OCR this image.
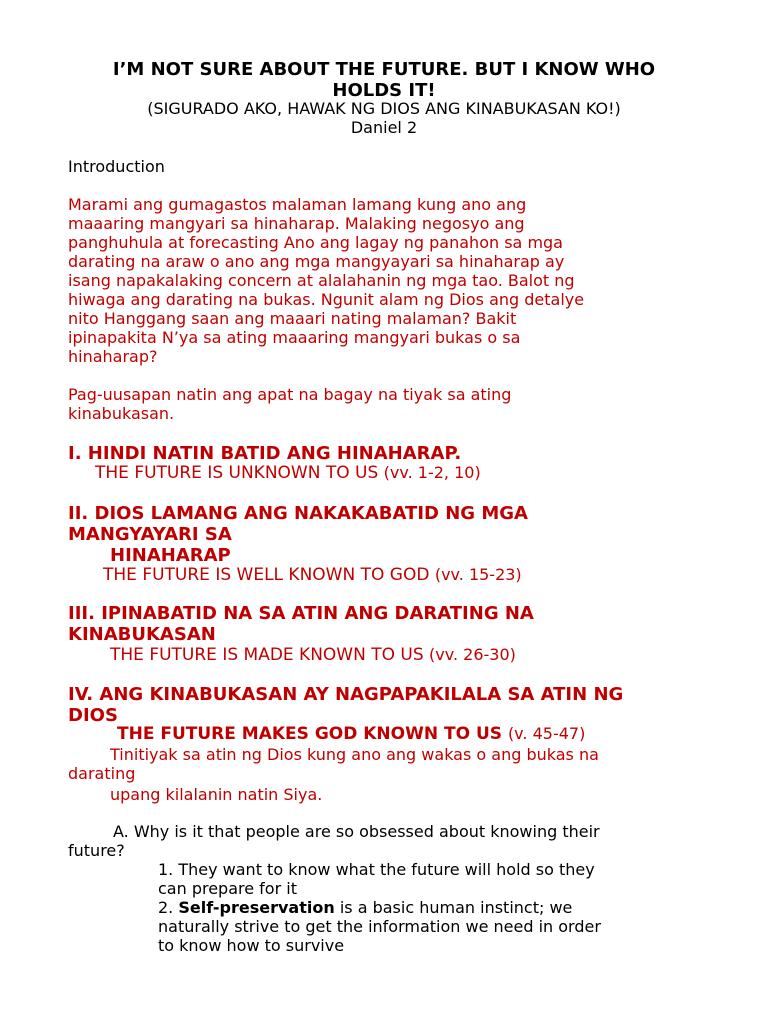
I’M NOT SURE ABOUT THE FUTURE. BUT I KNOW WHO
HOLDS IT!
(SIGURADO AKO, HAWAK NG DIOS ANG KINABUKASAN KO!)
Daniel 2
Introduction
Marami ang gumagastos malaman lamang kung ano ang
maaaring mangyari sa hinaharap. Malaking negosyo ang
panghuhula at forecasting Ano ang lagay ng panahon sa mga
darating na araw o ano ang mga mangyayari sa hinaharap ay
isang napakalaking concern at alalahanin ng mga tao. Balot ng
hiwaga ang darating na bukas. Ngunit alam ng Dios ang detalye
nito Hanggang saan ang maaari nating malaman? Bakit
ipinapakita N’ya sa ating maaaring mangyari bukas o sa
hinaharap?
Pag-uusapan natin ang apat na bagay na tiyak sa ating
kinabukasan.
I. HINDI NATIN BATID ANG HINAHARAP.
THE FUTURE IS UNKNOWN TO US (vv. 1-2, 10)
II. DIOS LAMANG ANG NAKAKABATID NG MGA
MANGYAYARI SA
HINAHARAP
THE FUTURE IS WELL KNOWN TO GOD (vv. 15-23)
III. IPINABATID NA SA ATIN ANG DARATING NA
KINABUKASAN
THE FUTURE IS MADE KNOWN TO US (vv. 26-30)
IV. ANG KINABUKASAN AY NAGPAPAKILALA SA ATIN NG
DIOS
THE FUTURE MAKES GOD KNOWN TO US (v. 45-47)
Tinitiyak sa atin ng Dios kung ano ang wakas o ang bukas na
darating
upang kilalanin natin Siya.
A. Why is it that people are so obsessed about knowing their
future?
1. They want to know what the future will hold so they
can prepare for it
2. Self-preservation is a basic human instinct; we
naturally strive to get the information we need in order
to know how to survive
